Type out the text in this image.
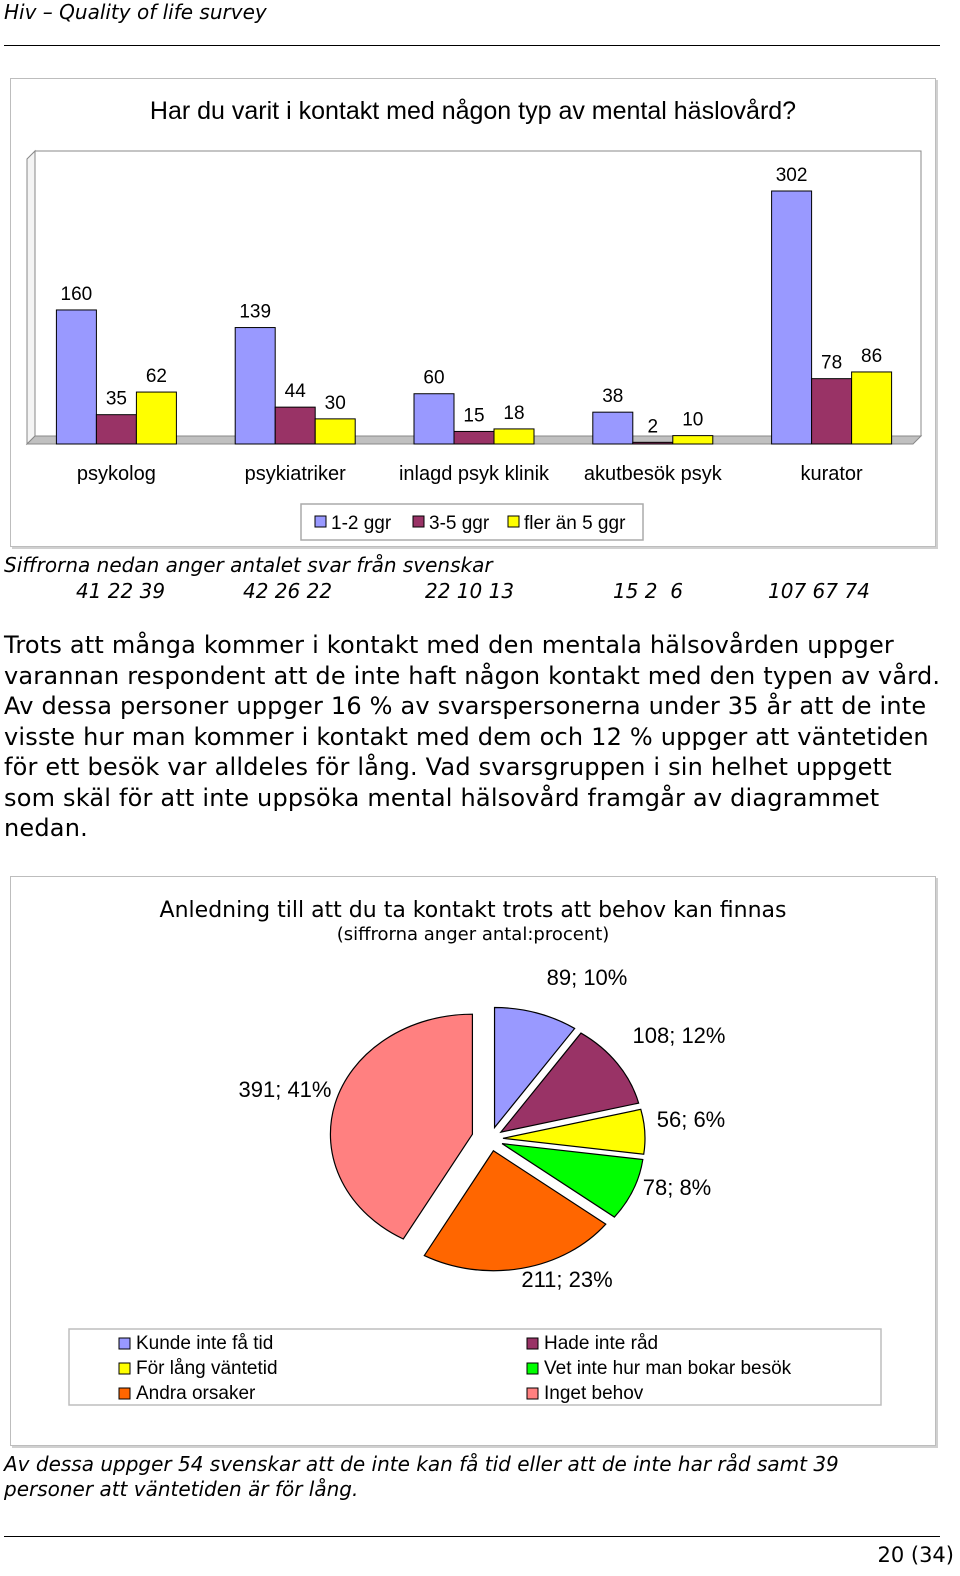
Hiv – Quality of life survey
Har du varit i kontakt med någon typ av mental häslovård?
160
35
62
psykolog
139
44
30
psykiatriker
60
15 18
inlagd psyk klinik
38
2 10
akutbesök psyk
302
78 86
kurator
1-2 ggr 3-5 ggr fler än 5 ggr
Siffrorna nedan anger antalet svar från svenskar
41 22 39	42 26 22	22 10 13	15 2  6	107 67 74
Trots att många kommer i kontakt med den mentala hälsovården uppger varannan respondent att de inte haft någon kontakt med den typen av vård. Av dessa personer uppger 16 % av svarspersonerna under 35 år att de inte visste hur man kommer i kontakt med dem och 12 % uppger att väntetiden för ett besök var alldeles för lång. Vad svarsgruppen i sin helhet uppgett som skäl för att inte uppsöka mental hälsovård framgår av diagrammet nedan.
Anledning till att du ta kontakt trots att behov kan finnas
(siffrorna anger antal:procent)
89; 10%
108; 12%
56; 6%
78; 8%
211; 23%
391; 41%
Kunde inte få tid	Hade inte råd
För lång väntetid	Vet inte hur man bokar besök
Andra orsaker	Inget behov
Av dessa uppger 54 svenskar att de inte kan få tid eller att de inte har råd samt 39
personer att väntetiden är för lång.
20 (34)
